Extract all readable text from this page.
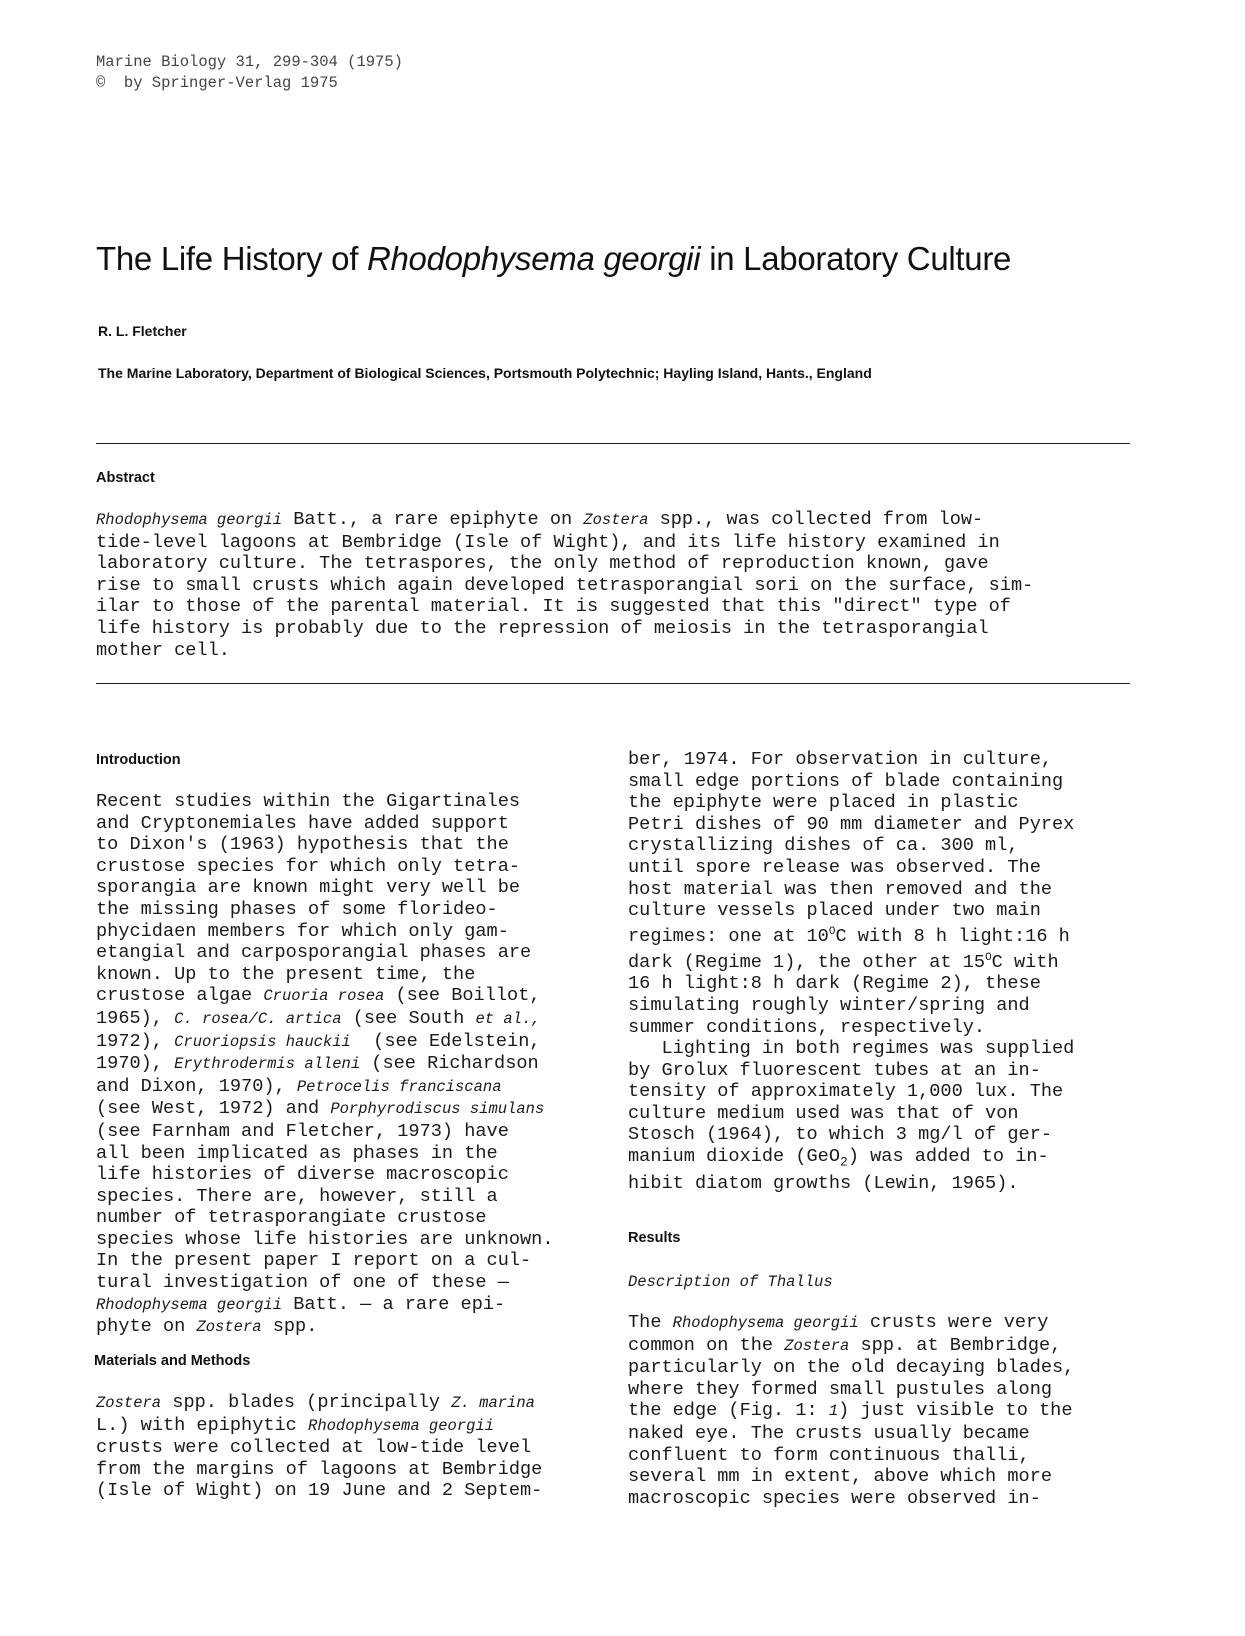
Marine Biology 31, 299-304 (1975)
©  by Springer-Verlag 1975
The Life History of Rhodophysema georgii in Laboratory Culture
R. L. Fletcher
The Marine Laboratory, Department of Biological Sciences, Portsmouth Polytechnic; Hayling Island, Hants., England
Abstract
Rhodophysema georgii Batt., a rare epiphyte on Zostera spp., was collected from low-
tide-level lagoons at Bembridge (Isle of Wight), and its life history examined in
laboratory culture. The tetraspores, the only method of reproduction known, gave
rise to small crusts which again developed tetrasporangial sori on the surface, sim-
ilar to those of the parental material. It is suggested that this "direct" type of
life history is probably due to the repression of meiosis in the tetrasporangial
mother cell.
Introduction
Recent studies within the Gigartinales
and Cryptonemiales have added support
to Dixon's (1963) hypothesis that the
crustose species for which only tetra-
sporangia are known might very well be
the missing phases of some florideo-
phycidaen members for which only gam-
etangial and carposporangial phases are
known. Up to the present time, the
crustose algae Cruoria rosea (see Boillot,
1965), C. rosea/C. artica (see South et al.,
1972), Cruoriopsis hauckii  (see Edelstein,
1970), Erythrodermis alleni (see Richardson
and Dixon, 1970), Petrocelis franciscana
(see West, 1972) and Porphyrodiscus simulans
(see Farnham and Fletcher, 1973) have
all been implicated as phases in the
life histories of diverse macroscopic
species. There are, however, still a
number of tetrasporangiate crustose
species whose life histories are unknown.
In the present paper I report on a cul-
tural investigation of one of these —
Rhodophysema georgii Batt. — a rare epi-
phyte on Zostera spp.
Materials and Methods
Zostera spp. blades (principally Z. marina
L.) with epiphytic Rhodophysema georgii
crusts were collected at low-tide level
from the margins of lagoons at Bembridge
(Isle of Wight) on 19 June and 2 Septem-
ber, 1974. For observation in culture,
small edge portions of blade containing
the epiphyte were placed in plastic
Petri dishes of 90 mm diameter and Pyrex
crystallizing dishes of ca. 300 ml,
until spore release was observed. The
host material was then removed and the
culture vessels placed under two main
regimes: one at $10^OC$ with 8 h light:16 h
dark (Regime 1), the other at $15^OC$ with
16 h light:8 h dark (Regime 2), these
simulating roughly winter/spring and
summer conditions, respectively.
Lighting in both regimes was supplied
by Grolux fluorescent tubes at an in-
tensity of approximately 1,000 lux. The
culture medium used was that of von
Stosch (1964), to which 3 mg/l of ger-
manium dioxide (GeO$_2$) was added to in-
hibit diatom growths (Lewin, 1965).
Results
Description of Thallus
The Rhodophysema georgii crusts were very
common on the Zostera spp. at Bembridge,
particularly on the old decaying blades,
where they formed small pustules along
the edge (Fig. 1: 1) just visible to the
naked eye. The crusts usually became
confluent to form continuous thalli,
several mm in extent, above which more
macroscopic species were observed in-
